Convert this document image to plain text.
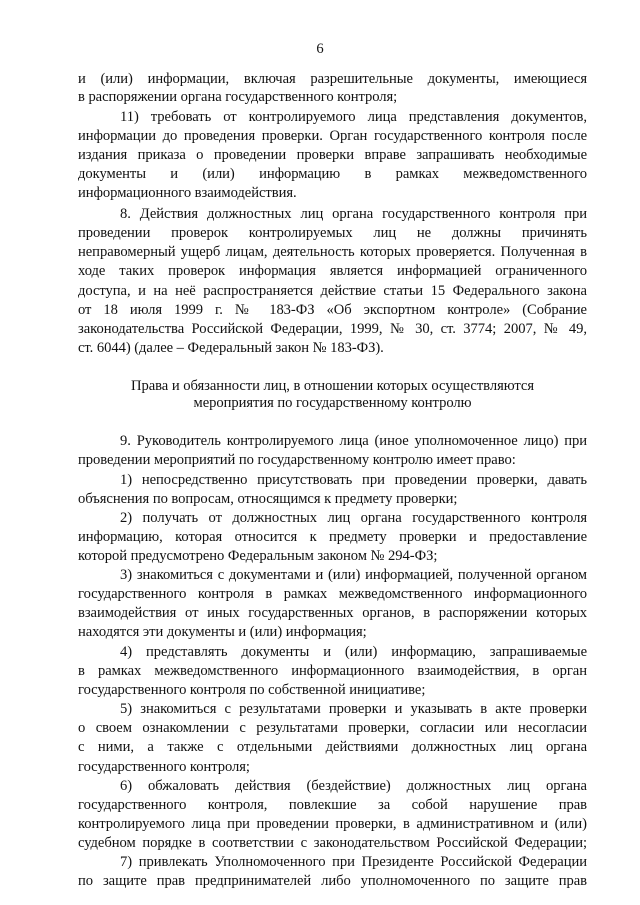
6
и (или) информации, включая разрешительные документы, имеющиеся
в распоряжении органа государственного контроля;
11) требовать от контролируемого лица представления документов,
информации до проведения проверки. Орган государственного контроля после
издания приказа о проведении проверки вправе запрашивать необходимые
документы и (или) информацию в рамках межведомственного
информационного взаимодействия.
8. Действия должностных лиц органа государственного контроля при
проведении проверок контролируемых лиц не должны причинять
неправомерный ущерб лицам, деятельность которых проверяется. Полученная в
ходе таких проверок информация является информацией ограниченного
доступа, и на неё распространяется действие статьи 15 Федерального закона
от 18 июля 1999 г. № 183-ФЗ «Об экспортном контроле» (Собрание
законодательства Российской Федерации, 1999, № 30, ст. 3774; 2007, № 49,
ст. 6044) (далее – Федеральный закон № 183-ФЗ).
Права и обязанности лиц, в отношении которых осуществляются
мероприятия по государственному контролю
9. Руководитель контролируемого лица (иное уполномоченное лицо) при
проведении мероприятий по государственному контролю имеет право:
1) непосредственно присутствовать при проведении проверки, давать
объяснения по вопросам, относящимся к предмету проверки;
2) получать от должностных лиц органа государственного контроля
информацию, которая относится к предмету проверки и предоставление
которой предусмотрено Федеральным законом № 294-ФЗ;
3) знакомиться с документами и (или) информацией, полученной органом
государственного контроля в рамках межведомственного информационного
взаимодействия от иных государственных органов, в распоряжении которых
находятся эти документы и (или) информация;
4) представлять документы и (или) информацию, запрашиваемые
в рамках межведомственного информационного взаимодействия, в орган
государственного контроля по собственной инициативе;
5) знакомиться с результатами проверки и указывать в акте проверки
о своем ознакомлении с результатами проверки, согласии или несогласии
с ними, а также с отдельными действиями должностных лиц органа
государственного контроля;
6) обжаловать действия (бездействие) должностных лиц органа
государственного контроля, повлекшие за собой нарушение прав
контролируемого лица при проведении проверки, в административном и (или)
судебном порядке в соответствии с законодательством Российской Федерации;
7) привлекать Уполномоченного при Президенте Российской Федерации
по защите прав предпринимателей либо уполномоченного по защите прав
